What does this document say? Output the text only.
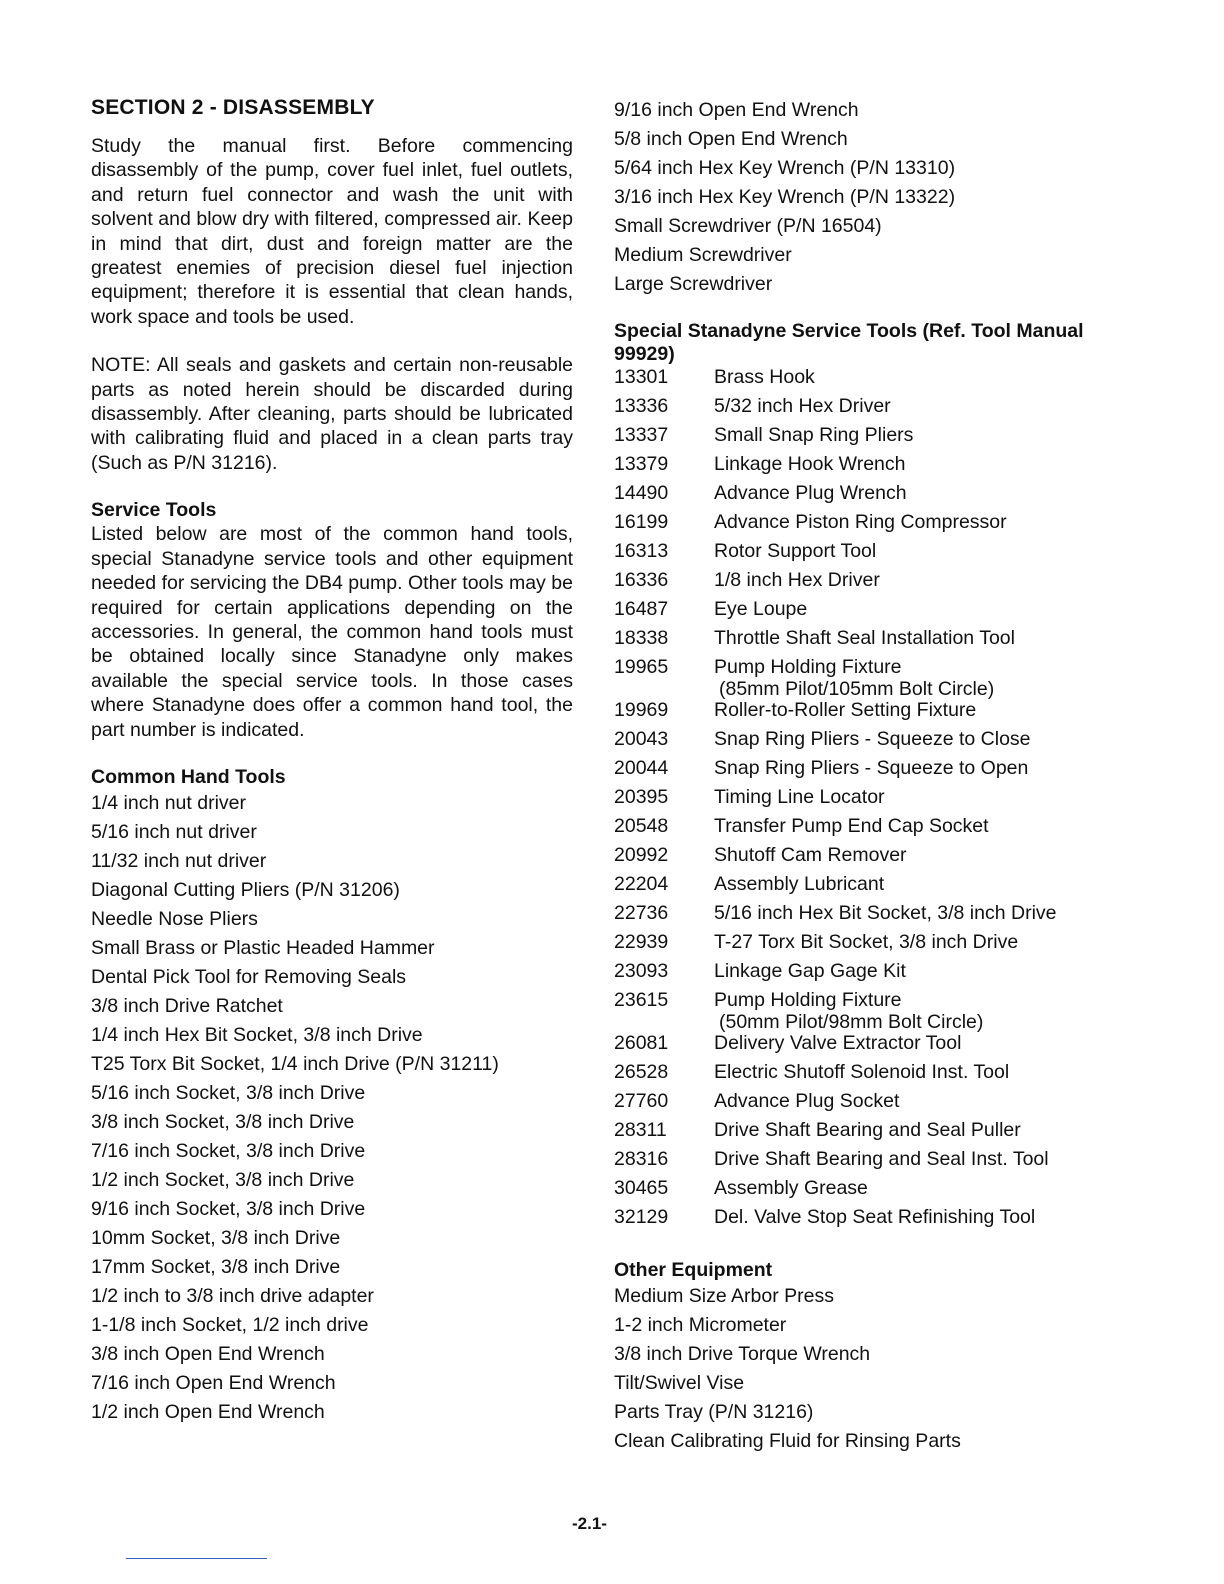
SECTION 2 - DISASSEMBLY

Study the manual first. Before commencing disassembly of the pump, cover fuel inlet, fuel outlets, and return fuel connector and wash the unit with solvent and blow dry with filtered, compressed air. Keep in mind that dirt, dust and foreign matter are the greatest enemies of precision diesel fuel injection equipment; therefore it is essential that clean hands, work space and tools be used.

NOTE: All seals and gaskets and certain non-reusable parts as noted herein should be discarded during disassembly. After cleaning, parts should be lubricated with calibrating fluid and placed in a clean parts tray (Such as P/N 31216).

Service Tools

Listed below are most of the common hand tools, special Stanadyne service tools and other equipment needed for servicing the DB4 pump. Other tools may be required for certain applications depending on the accessories. In general, the common hand tools must be obtained locally since Stanadyne only makes available the special service tools. In those cases where Stanadyne does offer a common hand tool, the part number is indicated.

Common Hand Tools
1/4 inch nut driver
5/16 inch nut driver
11/32 inch nut driver
Diagonal Cutting Pliers (P/N 31206)
Needle Nose Pliers
Small Brass or Plastic Headed Hammer
Dental Pick Tool for Removing Seals
3/8 inch Drive Ratchet
1/4 inch Hex Bit Socket, 3/8 inch Drive
T25 Torx Bit Socket, 1/4 inch Drive (P/N 31211)
5/16 inch Socket, 3/8 inch Drive
3/8 inch Socket, 3/8 inch Drive
7/16 inch Socket, 3/8 inch Drive
1/2 inch Socket, 3/8 inch Drive
9/16 inch Socket, 3/8 inch Drive
10mm Socket, 3/8 inch Drive
17mm Socket, 3/8 inch Drive
1/2 inch to 3/8 inch drive adapter
1-1/8 inch Socket, 1/2 inch drive
3/8 inch Open End Wrench
7/16 inch Open End Wrench
1/2 inch Open End Wrench
9/16 inch Open End Wrench
5/8 inch Open End Wrench
5/64 inch Hex Key Wrench (P/N 13310)
3/16 inch Hex Key Wrench (P/N 13322)
Small Screwdriver (P/N 16504)
Medium Screwdriver
Large Screwdriver
Special Stanadyne Service Tools (Ref. Tool Manual 99929)
13301	Brass Hook
13336	5/32 inch Hex Driver
13337	Small Snap Ring Pliers
13379	Linkage Hook Wrench
14490	Advance Plug Wrench
16199	Advance Piston Ring Compressor
16313	Rotor Support Tool
16336	1/8 inch Hex Driver
16487	Eye Loupe
18338	Throttle Shaft Seal Installation Tool
19965	Pump Holding Fixture
(85mm Pilot/105mm Bolt Circle)

19969	Roller-to-Roller Setting Fixture
20043	Snap Ring Pliers - Squeeze to Close
20044	Snap Ring Pliers - Squeeze to Open
20395	Timing Line Locator
20548	Transfer Pump End Cap Socket
20992	Shutoff Cam Remover
22204	Assembly Lubricant
22736	5/16 inch Hex Bit Socket, 3/8 inch Drive
22939	T-27 Torx Bit Socket, 3/8 inch Drive
23093	Linkage Gap Gage Kit
23615	Pump Holding Fixture
(50mm Pilot/98mm Bolt Circle)

26081	Delivery Valve Extractor Tool
26528	Electric Shutoff Solenoid Inst. Tool
27760	Advance Plug Socket
28311	Drive Shaft Bearing and Seal Puller
28316	Drive Shaft Bearing and Seal Inst. Tool
30465	Assembly Grease
32129	Del. Valve Stop Seat Refinishing Tool
Other Equipment
Medium Size Arbor Press
1-2 inch Micrometer
3/8 inch Drive Torque Wrench
Tilt/Swivel Vise
Parts Tray (P/N 31216)
Clean Calibrating Fluid for Rinsing Parts
-2.1-
